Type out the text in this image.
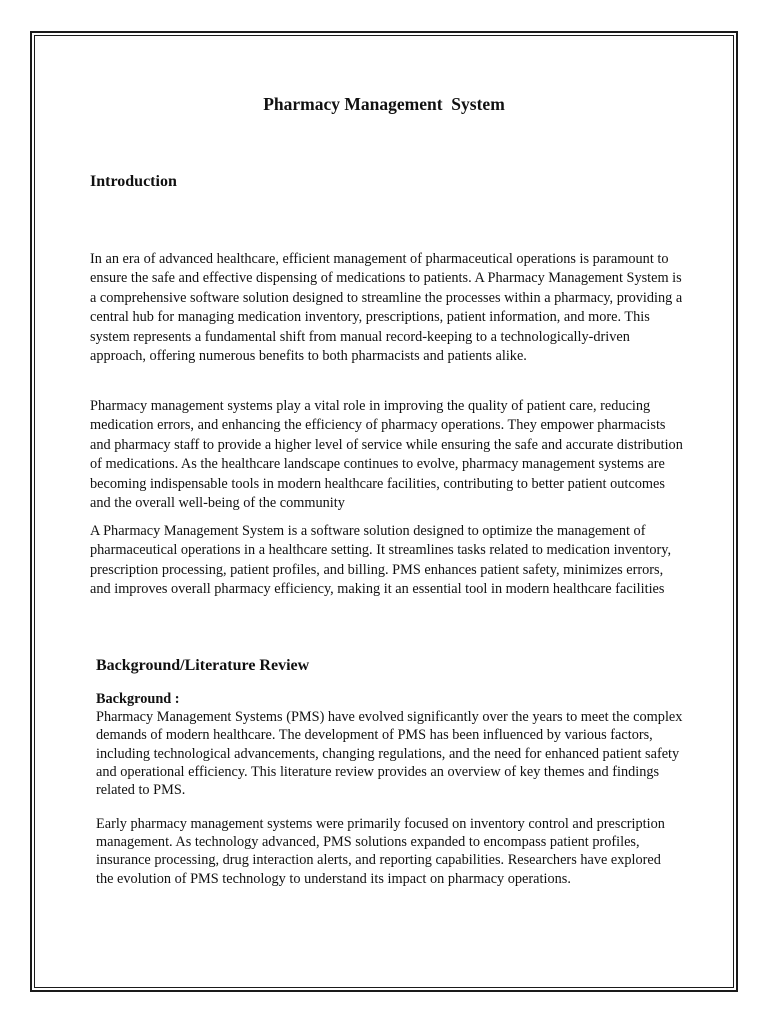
Pharmacy Management  System
Introduction

In an era of advanced healthcare, efficient management of pharmaceutical operations is paramount to ensure the safe and effective dispensing of medications to patients. A Pharmacy Management System is a comprehensive software solution designed to streamline the processes within a pharmacy, providing a central hub for managing medication inventory, prescriptions, patient information, and more. This system represents a fundamental shift from manual record-keeping to a technologically-driven approach, offering numerous benefits to both pharmacists and patients alike.

Pharmacy management systems play a vital role in improving the quality of patient care, reducing medication errors, and enhancing the efficiency of pharmacy operations. They empower pharmacists and pharmacy staff to provide a higher level of service while ensuring the safe and accurate distribution of medications. As the healthcare landscape continues to evolve, pharmacy management systems are becoming indispensable tools in modern healthcare facilities, contributing to better patient outcomes and the overall well-being of the community

A Pharmacy Management System is a software solution designed to optimize the management of pharmaceutical operations in a healthcare setting. It streamlines tasks related to medication inventory, prescription processing, patient profiles, and billing. PMS enhances patient safety, minimizes errors, and improves overall pharmacy efficiency, making it an essential tool in modern healthcare facilities

Background/Literature Review
Background :
Pharmacy Management Systems (PMS) have evolved significantly over the years to meet the complex demands of modern healthcare. The development of PMS has been influenced by various factors, including technological advancements, changing regulations, and the need for enhanced patient safety and operational efficiency. This literature review provides an overview of key themes and findings related to PMS.

Early pharmacy management systems were primarily focused on inventory control and prescription management. As technology advanced, PMS solutions expanded to encompass patient profiles, insurance processing, drug interaction alerts, and reporting capabilities. Researchers have explored the evolution of PMS technology to understand its impact on pharmacy operations.
